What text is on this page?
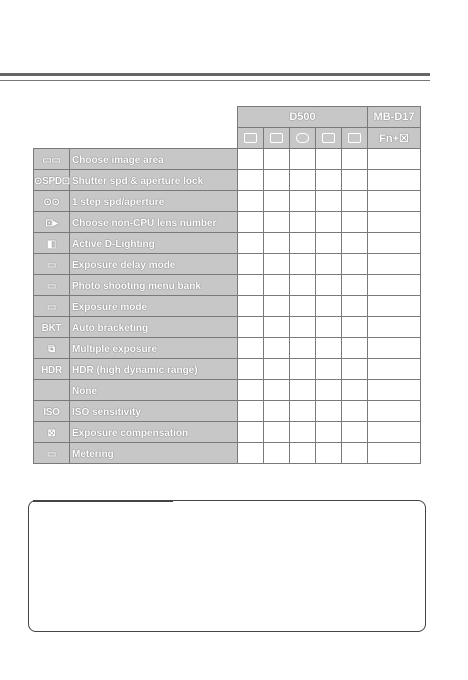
		D500					MB-D17
							Fn+☒
▭▭	Choose image area						
⊙SPD⊡	Shutter spd & aperture lock						
⊙⊙	1 step spd/aperture						
⊡▸	Choose non-CPU lens number						
◧	Active D-Lighting						
▭	Exposure delay mode						
▭	Photo shooting menu bank						
▭	Exposure mode						
BKT	Auto bracketing						
⧉	Multiple exposure						
HDR	HDR (high dynamic range)						
	None						
ISO	ISO sensitivity						
⊠	Exposure compensation						
▭	Metering						
